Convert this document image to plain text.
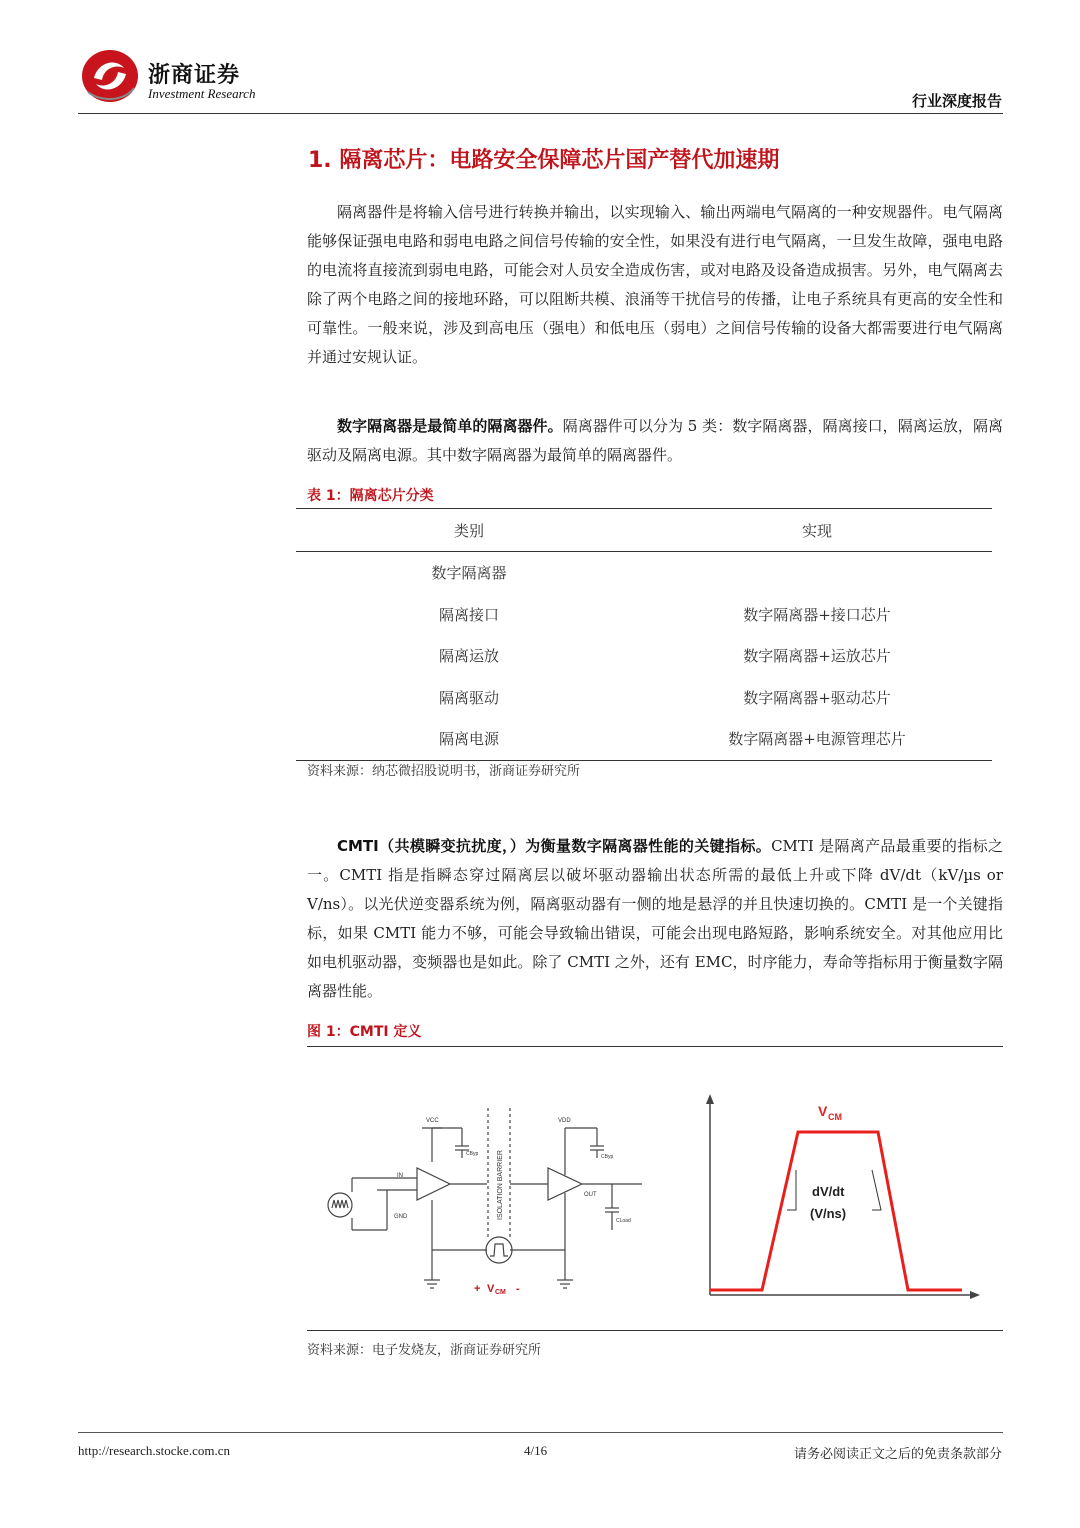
浙商证券
Investment Research	行业深度报告
1. 隔离芯片：电路安全保障芯片国产替代加速期

隔离器件是将输入信号进行转换并输出，以实现输入、输出两端电气隔离的一种安规器件。电气隔离能够保证强电电路和弱电电路之间信号传输的安全性，如果没有进行电气隔离，一旦发生故障，强电电路的电流将直接流到弱电电路，可能会对人员安全造成伤害，或对电路及设备造成损害。另外，电气隔离去除了两个电路之间的接地环路，可以阻断共模、浪涌等干扰信号的传播，让电子系统具有更高的安全性和可靠性。一般来说，涉及到高电压（强电）和低电压（弱电）之间信号传输的设备大都需要进行电气隔离并通过安规认证。

数字隔离器是最简单的隔离器件。隔离器件可以分为 5 类：数字隔离器，隔离接口，隔离运放，隔离驱动及隔离电源。其中数字隔离器为最简单的隔离器件。

表 1：隔离芯片分类
类别	实现
数字隔离器	
隔离接口	数字隔离器+接口芯片
隔离运放	数字隔离器+运放芯片
隔离驱动	数字隔离器+驱动芯片
隔离电源	数字隔离器+电源管理芯片
资料来源：纳芯微招股说明书，浙商证券研究所

CMTI（共模瞬变抗扰度，）为衡量数字隔离器性能的关键指标。CMTI 是隔离产品最重要的指标之一。CMTI 指是指瞬态穿过隔离层以破坏驱动器输出状态所需的最低上升或下降 dV/dt（kV/µs or V/ns）。以光伏逆变器系统为例，隔离驱动器有一侧的地是悬浮的并且快速切换的。CMTI 是一个关键指标，如果 CMTI 能力不够，可能会导致输出错误，可能会出现电路短路，影响系统安全。对其他应用比如电机驱动器，变频器也是如此。除了 CMTI 之外，还有 EMC，时序能力，寿命等指标用于衡量数字隔离器性能。

图 1：CMTI 定义
VCC	VDD
CByp	CByp
IN
GND
OUT
CLoad
ISOLATION BARRIER
+ V CM -
V CM
dV/dt
(V/ns)
资料来源：电子发烧友，浙商证券研究所
http://research.stocke.com.cn	4/16	请务必阅读正文之后的免责条款部分
